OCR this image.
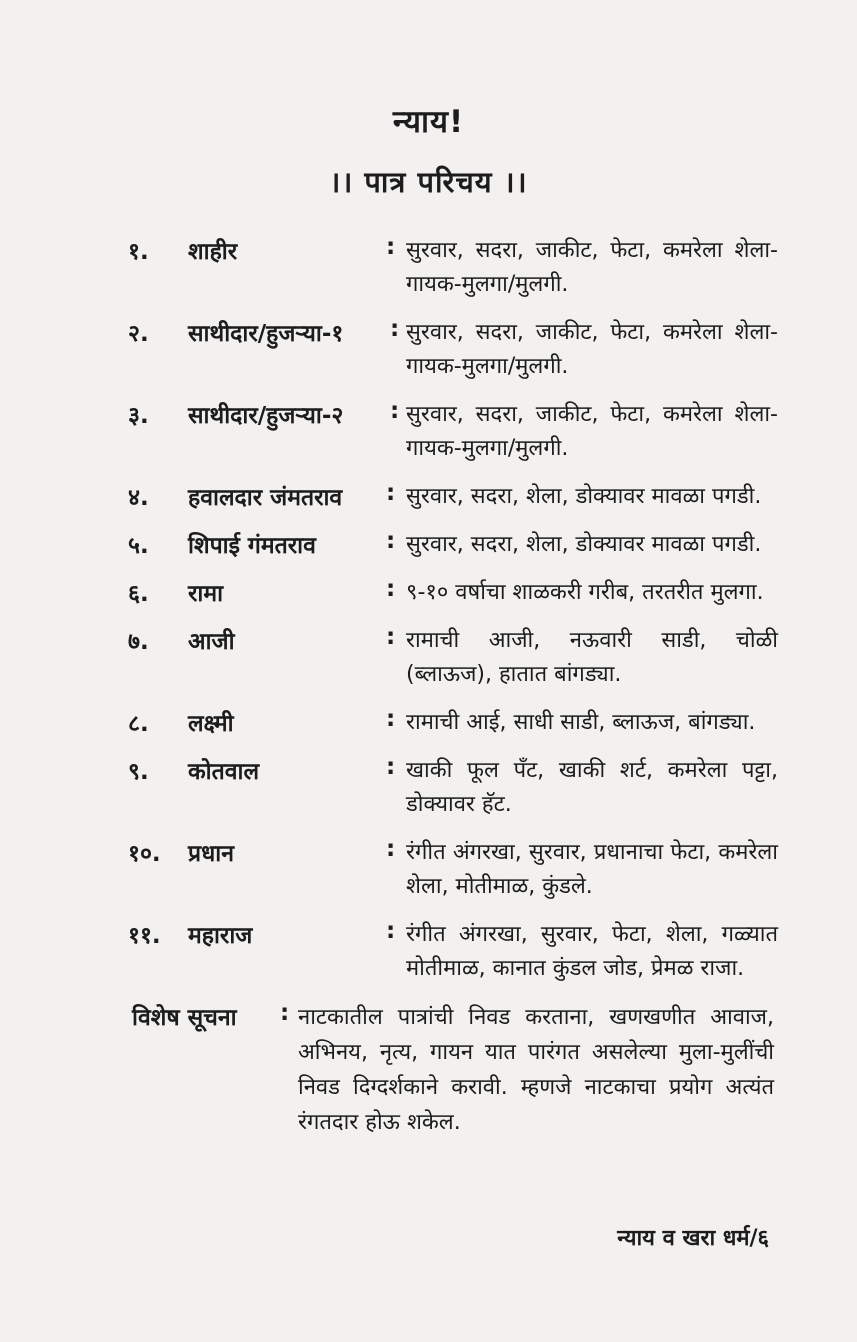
न्याय!
।। पात्र परिचय ।।
१.	शाहीर	: सुरवार, सदरा, जाकीट, फेटा, कमरेला शेला-गायक-मुलगा/मुलगी.
२.	साथीदार/हुजऱ्या-१	: सुरवार, सदरा, जाकीट, फेटा, कमरेला शेला-गायक-मुलगा/मुलगी.
३.	साथीदार/हुजऱ्या-२	: सुरवार, सदरा, जाकीट, फेटा, कमरेला शेला-गायक-मुलगा/मुलगी.
४.	हवालदार जंमतराव	: सुरवार, सदरा, शेला, डोक्यावर मावळा पगडी.
५.	शिपाई गंमतराव	: सुरवार, सदरा, शेला, डोक्यावर मावळा पगडी.
६.	रामा	: ९-१० वर्षाचा शाळकरी गरीब, तरतरीत मुलगा.
७.	आजी	: रामाची आजी, नऊवारी साडी, चोळी (ब्लाऊज), हातात बांगड्या.
८.	लक्ष्मी	: रामाची आई, साधी साडी, ब्लाऊज, बांगड्या.
९.	कोतवाल	: खाकी फूल पँट, खाकी शर्ट, कमरेला पट्टा, डोक्यावर हॅट.
१०.	प्रधान	: रंगीत अंगरखा, सुरवार, प्रधानाचा फेटा, कमरेला शेला, मोतीमाळ, कुंडले.
११.	महाराज	: रंगीत अंगरखा, सुरवार, फेटा, शेला, गळ्यात मोतीमाळ, कानात कुंडल जोड, प्रेमळ राजा.
विशेष सूचना : नाटकातील पात्रांची निवड करताना, खणखणीत आवाज, अभिनय, नृत्य, गायन यात पारंगत असलेल्या मुला-मुलींची निवड दिग्दर्शकाने करावी. म्हणजे नाटकाचा प्रयोग अत्यंत रंगतदार होऊ शकेल.
न्याय व खरा धर्म/६
